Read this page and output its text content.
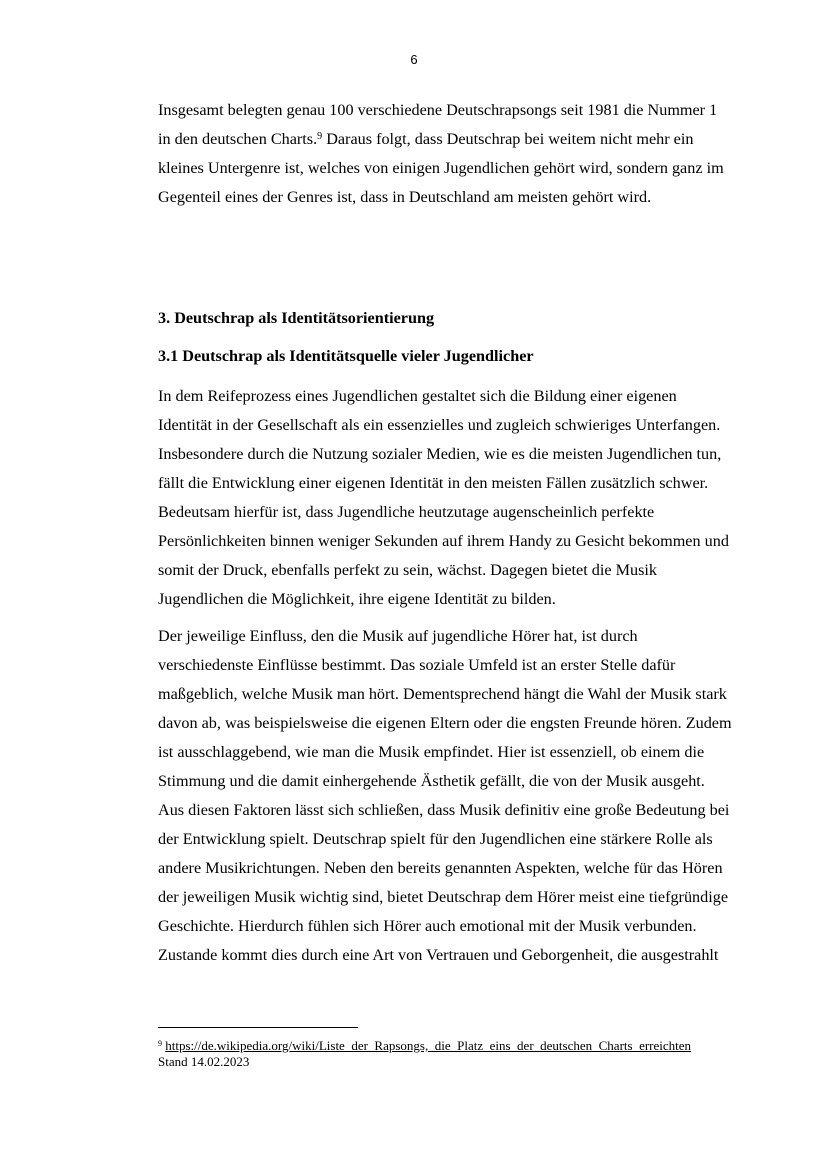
6
Insgesamt belegten genau 100 verschiedene Deutschrapsongs seit 1981 die Nummer 1
in den deutschen Charts.$^9$ Daraus folgt, dass Deutschrap bei weitem nicht mehr ein
kleines Untergenre ist, welches von einigen Jugendlichen gehört wird, sondern ganz im
Gegenteil eines der Genres ist, dass in Deutschland am meisten gehört wird.
3. Deutschrap als Identitätsorientierung
3.1 Deutschrap als Identitätsquelle vieler Jugendlicher
In dem Reifeprozess eines Jugendlichen gestaltet sich die Bildung einer eigenen
Identität in der Gesellschaft als ein essenzielles und zugleich schwieriges Unterfangen.
Insbesondere durch die Nutzung sozialer Medien, wie es die meisten Jugendlichen tun,
fällt die Entwicklung einer eigenen Identität in den meisten Fällen zusätzlich schwer.
Bedeutsam hierfür ist, dass Jugendliche heutzutage augenscheinlich perfekte
Persönlichkeiten binnen weniger Sekunden auf ihrem Handy zu Gesicht bekommen und
somit der Druck, ebenfalls perfekt zu sein, wächst. Dagegen bietet die Musik
Jugendlichen die Möglichkeit, ihre eigene Identität zu bilden.
Der jeweilige Einfluss, den die Musik auf jugendliche Hörer hat, ist durch
verschiedenste Einflüsse bestimmt. Das soziale Umfeld ist an erster Stelle dafür
maßgeblich, welche Musik man hört. Dementsprechend hängt die Wahl der Musik stark
davon ab, was beispielsweise die eigenen Eltern oder die engsten Freunde hören. Zudem
ist ausschlaggebend, wie man die Musik empfindet. Hier ist essenziell, ob einem die
Stimmung und die damit einhergehende Ästhetik gefällt, die von der Musik ausgeht.
Aus diesen Faktoren lässt sich schließen, dass Musik definitiv eine große Bedeutung bei
der Entwicklung spielt. Deutschrap spielt für den Jugendlichen eine stärkere Rolle als
andere Musikrichtungen. Neben den bereits genannten Aspekten, welche für das Hören
der jeweiligen Musik wichtig sind, bietet Deutschrap dem Hörer meist eine tiefgründige
Geschichte. Hierdurch fühlen sich Hörer auch emotional mit der Musik verbunden.
Zustande kommt dies durch eine Art von Vertrauen und Geborgenheit, die ausgestrahlt
$^9$ https://de.wikipedia.org/wiki/Liste_der_Rapsongs,_die_Platz_eins_der_deutschen_Charts_erreichten
Stand 14.02.2023
